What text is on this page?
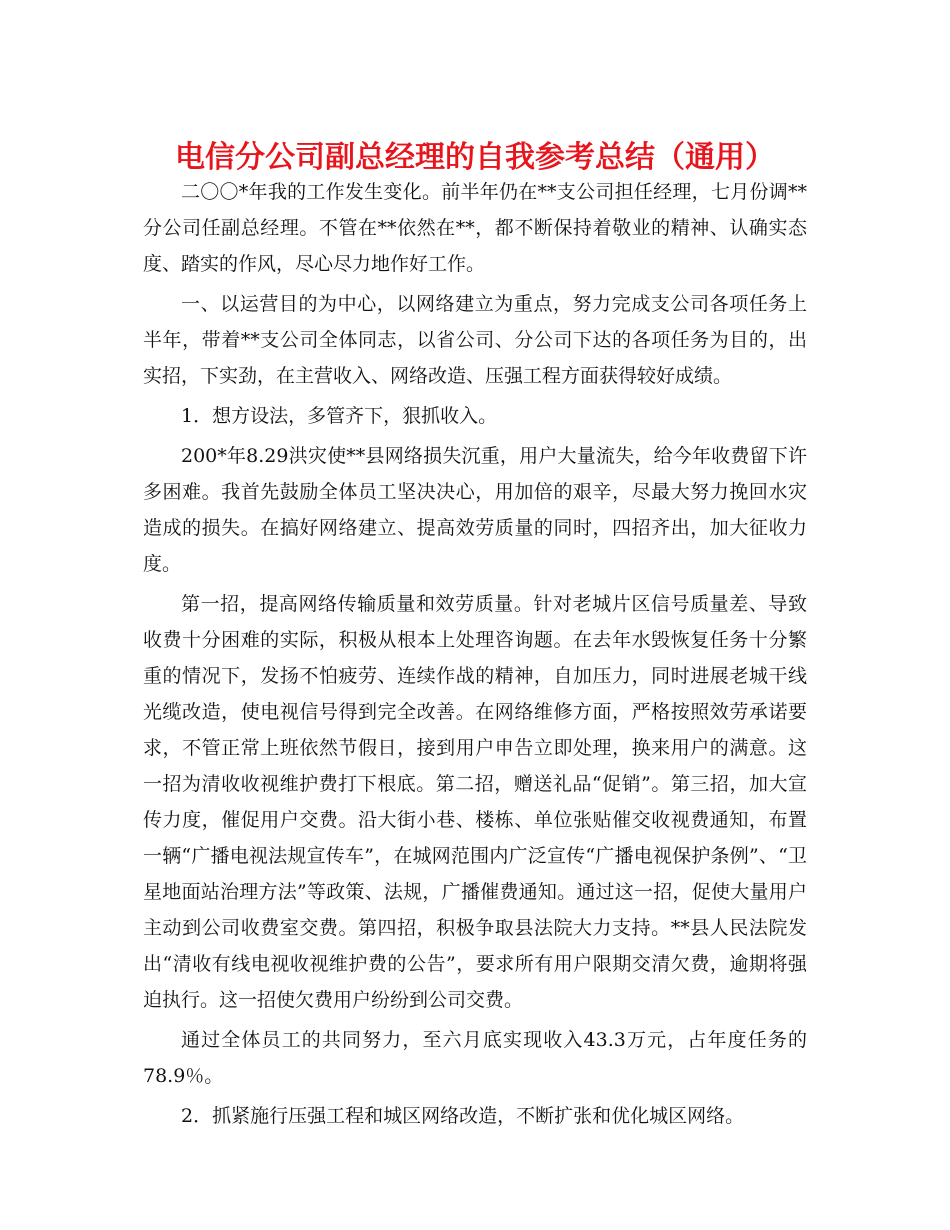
电信分公司副总经理的自我参考总结（通用）

二〇〇*年我的工作发生变化。前半年仍在**支公司担任经理，七月份调**分公司任副总经理。不管在**依然在**，都不断保持着敬业的精神、认确实态度、踏实的作风，尽心尽力地作好工作。

一、以运营目的为中心，以网络建立为重点，努力完成支公司各项任务上半年，带着**支公司全体同志，以省公司、分公司下达的各项任务为目的，出实招，下实劲，在主营收入、网络改造、压强工程方面获得较好成绩。

1．想方设法，多管齐下，狠抓收入。

200*年8.29洪灾使**县网络损失沉重，用户大量流失，给今年收费留下许多困难。我首先鼓励全体员工坚决决心，用加倍的艰辛，尽最大努力挽回水灾造成的损失。在搞好网络建立、提高效劳质量的同时，四招齐出，加大征收力度。

第一招，提高网络传输质量和效劳质量。针对老城片区信号质量差、导致收费十分困难的实际，积极从根本上处理咨询题。在去年水毁恢复任务十分繁重的情况下，发扬不怕疲劳、连续作战的精神，自加压力，同时进展老城干线光缆改造，使电视信号得到完全改善。在网络维修方面，严格按照效劳承诺要求，不管正常上班依然节假日，接到用户申告立即处理，换来用户的满意。这一招为清收收视维护费打下根底。第二招，赠送礼品“促销”。第三招，加大宣传力度，催促用户交费。沿大街小巷、楼栋、单位张贴催交收视费通知，布置一辆“广播电视法规宣传车”，在城网范围内广泛宣传“广播电视保护条例”、“卫星地面站治理方法”等政策、法规，广播催费通知。通过这一招，促使大量用户主动到公司收费室交费。第四招，积极争取县法院大力支持。**县人民法院发出“清收有线电视收视维护费的公告”，要求所有用户限期交清欠费，逾期将强迫执行。这一招使欠费用户纷纷到公司交费。

通过全体员工的共同努力，至六月底实现收入43.3万元，占年度任务的78.9％。

2．抓紧施行压强工程和城区网络改造，不断扩张和优化城区网络。
